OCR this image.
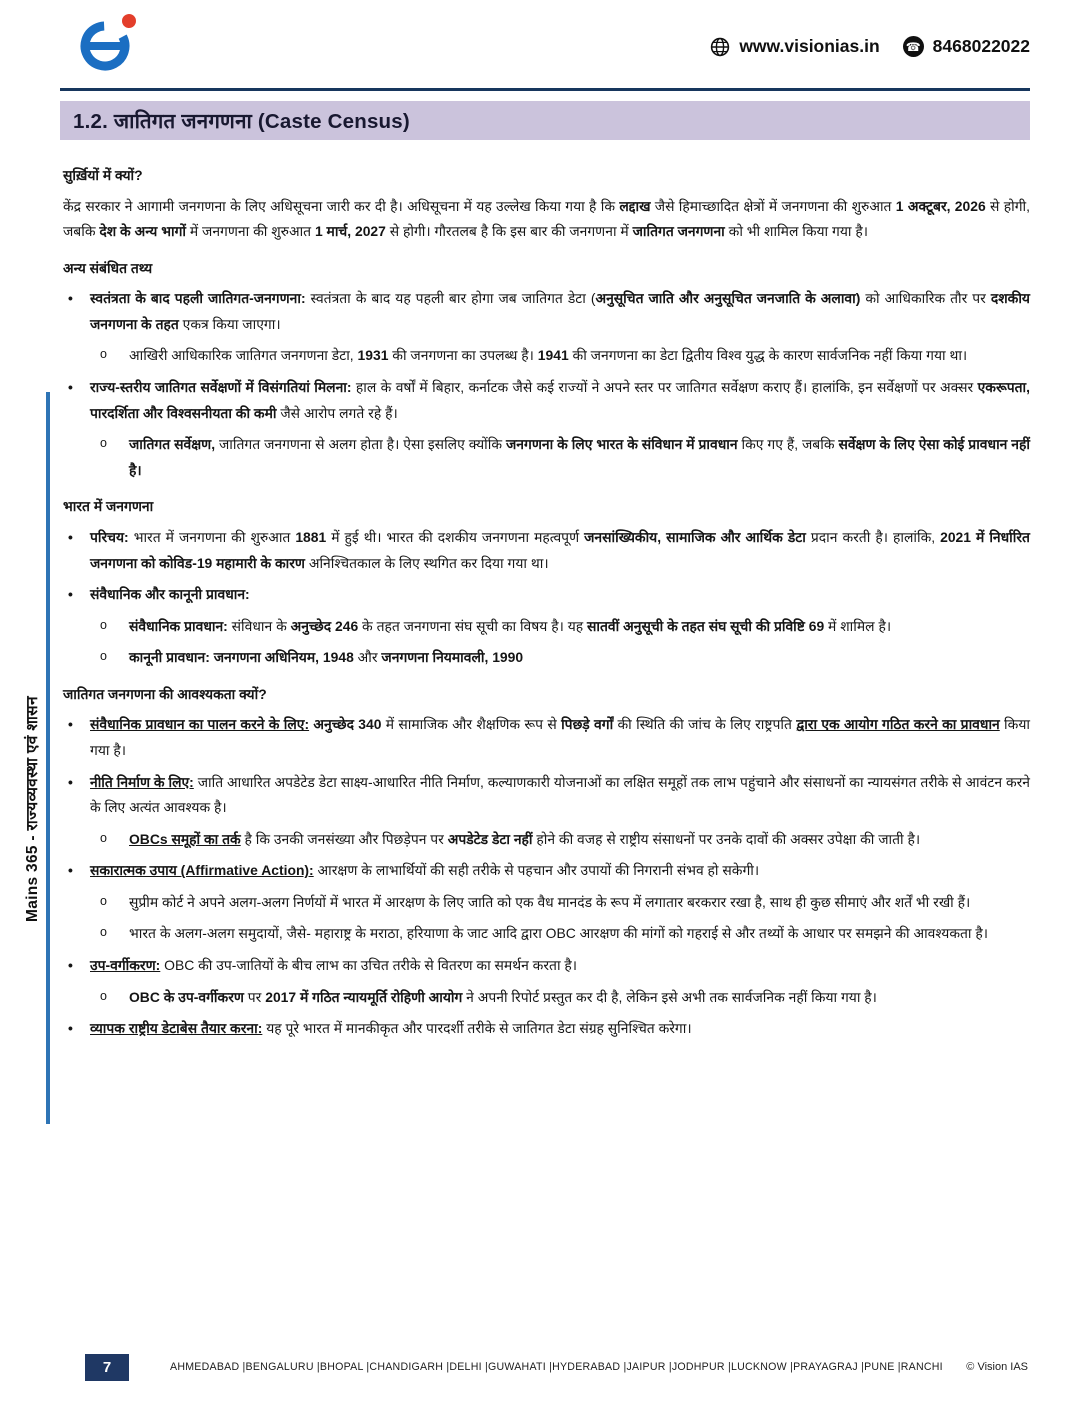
www.visionias.in ☎ 8468022022
1.2. जातिगत जनगणना (Caste Census)
Mains 365 - राज्यव्यवस्था एवं शासन
सुर्ख़ियों में क्यों?
केंद्र सरकार ने आगामी जनगणना के लिए अधिसूचना जारी कर दी है। अधिसूचना में यह उल्लेख किया गया है कि लद्दाख जैसे हिमाच्छादित क्षेत्रों में जनगणना की शुरुआत 1 अक्टूबर, 2026 से होगी, जबकि देश के अन्य भागों में जनगणना की शुरुआत 1 मार्च, 2027 से होगी। गौरतलब है कि इस बार की जनगणना में जातिगत जनगणना को भी शामिल किया गया है।
अन्य संबंधित तथ्य
• स्वतंत्रता के बाद पहली जातिगत-जनगणना: स्वतंत्रता के बाद यह पहली बार होगा जब जातिगत डेटा (अनुसूचित जाति और अनुसूचित जनजाति के अलावा) को आधिकारिक तौर पर दशकीय जनगणना के तहत एकत्र किया जाएगा।
o आखिरी आधिकारिक जातिगत जनगणना डेटा, 1931 की जनगणना का उपलब्ध है। 1941 की जनगणना का डेटा द्वितीय विश्व युद्ध के कारण सार्वजनिक नहीं किया गया था।
• राज्य-स्तरीय जातिगत सर्वेक्षणों में विसंगतियां मिलना: हाल के वर्षों में बिहार, कर्नाटक जैसे कई राज्यों ने अपने स्तर पर जातिगत सर्वेक्षण कराए हैं। हालांकि, इन सर्वेक्षणों पर अक्सर एकरूपता, पारदर्शिता और विश्वसनीयता की कमी जैसे आरोप लगते रहे हैं।
o जातिगत सर्वेक्षण, जातिगत जनगणना से अलग होता है। ऐसा इसलिए क्योंकि जनगणना के लिए भारत के संविधान में प्रावधान किए गए हैं, जबकि सर्वेक्षण के लिए ऐसा कोई प्रावधान नहीं है।
भारत में जनगणना
• परिचय: भारत में जनगणना की शुरुआत 1881 में हुई थी। भारत की दशकीय जनगणना महत्वपूर्ण जनसांख्यिकीय, सामाजिक और आर्थिक डेटा प्रदान करती है। हालांकि, 2021 में निर्धारित जनगणना को कोविड-19 महामारी के कारण अनिश्चितकाल के लिए स्थगित कर दिया गया था।
• संवैधानिक और कानूनी प्रावधान:
o संवैधानिक प्रावधान: संविधान के अनुच्छेद 246 के तहत जनगणना संघ सूची का विषय है। यह सातवीं अनुसूची के तहत संघ सूची की प्रविष्टि 69 में शामिल है।
o कानूनी प्रावधान: जनगणना अधिनियम, 1948 और जनगणना नियमावली, 1990
जातिगत जनगणना की आवश्यकता क्यों?
• संवैधानिक प्रावधान का पालन करने के लिए: अनुच्छेद 340 में सामाजिक और शैक्षणिक रूप से पिछड़े वर्गों की स्थिति की जांच के लिए राष्ट्रपति द्वारा एक आयोग गठित करने का प्रावधान किया गया है।
• नीति निर्माण के लिए: जाति आधारित अपडेटेड डेटा साक्ष्य-आधारित नीति निर्माण, कल्याणकारी योजनाओं का लक्षित समूहों तक लाभ पहुंचाने और संसाधनों का न्यायसंगत तरीके से आवंटन करने के लिए अत्यंत आवश्यक है।
o OBCs समूहों का तर्क है कि उनकी जनसंख्या और पिछड़ेपन पर अपडेटेड डेटा नहीं होने की वजह से राष्ट्रीय संसाधनों पर उनके दावों की अक्सर उपेक्षा की जाती है।
• सकारात्मक उपाय (Affirmative Action): आरक्षण के लाभार्थियों की सही तरीके से पहचान और उपायों की निगरानी संभव हो सकेगी।
o सुप्रीम कोर्ट ने अपने अलग-अलग निर्णयों में भारत में आरक्षण के लिए जाति को एक वैध मानदंड के रूप में लगातार बरकरार रखा है, साथ ही कुछ सीमाएं और शर्तें भी रखी हैं।
o भारत के अलग-अलग समुदायों, जैसे- महाराष्ट्र के मराठा, हरियाणा के जाट आदि द्वारा OBC आरक्षण की मांगों को गहराई से और तथ्यों के आधार पर समझने की आवश्यकता है।
• उप-वर्गीकरण: OBC की उप-जातियों के बीच लाभ का उचित तरीके से वितरण का समर्थन करता है।
o OBC के उप-वर्गीकरण पर 2017 में गठित न्यायमूर्ति रोहिणी आयोग ने अपनी रिपोर्ट प्रस्तुत कर दी है, लेकिन इसे अभी तक सार्वजनिक नहीं किया गया है।
• व्यापक राष्ट्रीय डेटाबेस तैयार करना: यह पूरे भारत में मानकीकृत और पारदर्शी तरीके से जातिगत डेटा संग्रह सुनिश्चित करेगा।
7	AHMEDABAD |BENGALURU |BHOPAL |CHANDIGARH |DELHI |GUWAHATI |HYDERABAD |JAIPUR |JODHPUR |LUCKNOW |PRAYAGRAJ |PUNE |RANCHI © Vision IAS
